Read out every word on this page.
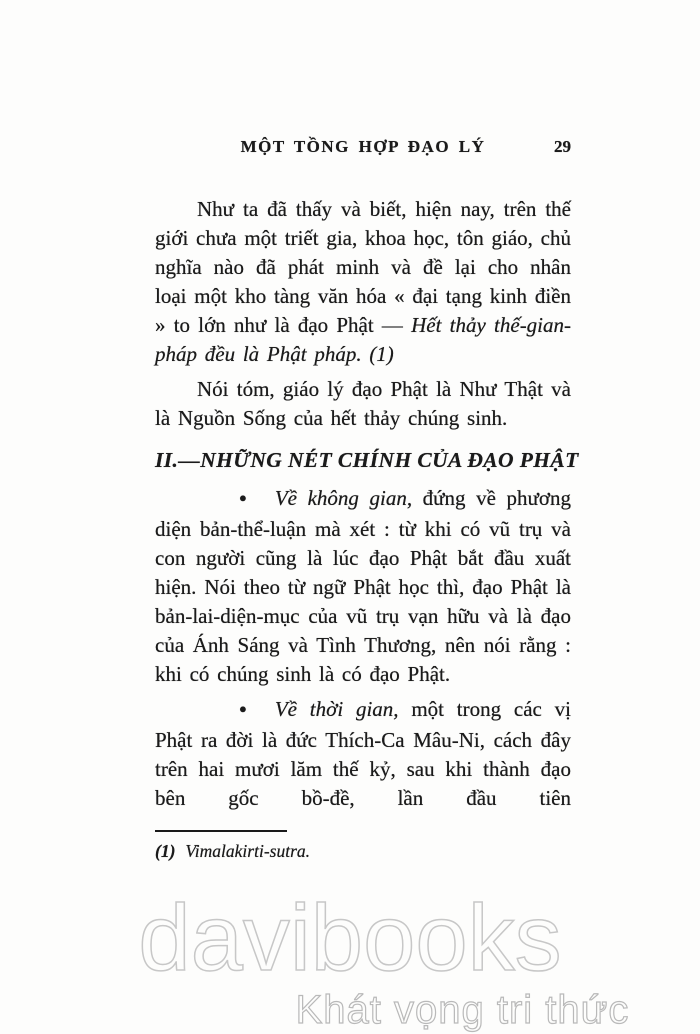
MỘT TỒNG HỢP ĐẠO LÝ	29

Như ta đã thấy và biết, hiện nay, trên thế giới chưa một triết gia, khoa học, tôn giáo, chủ nghĩa nào đã phát minh và đề lại cho nhân loại một kho tàng văn hóa « đại tạng kinh điền » to lớn như là đạo Phật — Hết thảy thế-gian-pháp đều là Phật pháp. (1)

Nói tóm, giáo lý đạo Phật là Như Thật và là Nguồn Sống của hết thảy chúng sinh.

II.—NHỮNG NÉT CHÍNH CỦA ĐẠO PHẬT

● Về không gian, đứng về phương diện bản-thể-luận mà xét : từ khi có vũ trụ và con người cũng là lúc đạo Phật bắt đầu xuất hiện. Nói theo từ ngữ Phật học thì, đạo Phật là bản-lai-diện-mục của vũ trụ vạn hữu và là đạo của Ánh Sáng và Tình Thương, nên nói rằng : khi có chúng sinh là có đạo Phật.

● Về thời gian, một trong các vị Phật ra đời là đức Thích-Ca Mâu-Ni, cách đây trên hai mươi lăm thế kỷ, sau khi thành đạo bên gốc bồ-đề, lần đầu tiên

(1) Vimalakirti-sutra.

davibooks
Khát vọng tri thức
